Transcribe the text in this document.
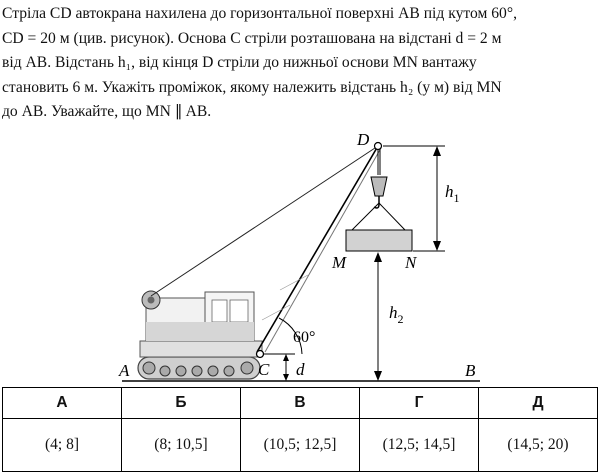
Стріла CD автокрана нахилена до горизонтальної поверхні AB під кутом 60°,
CD = 20 м (цив. рисунок). Основа C стріли розташована на відстані d = 2 м
від AB. Відстань h₁, від кінця D стріли до нижньої основи MN вантажу
становить 6 м. Укажіть проміжок, якому належить відстань h₂ (у м) від MN
до AB. Уважайте, що MN ∥ AB.
D
A	B
C
M	N
d
60°
$h_1$
$h_2$
А	Б	В	Г	Д
(4; 8]	(8; 10,5]	(10,5; 12,5]	(12,5; 14,5]	(14,5; 20)
